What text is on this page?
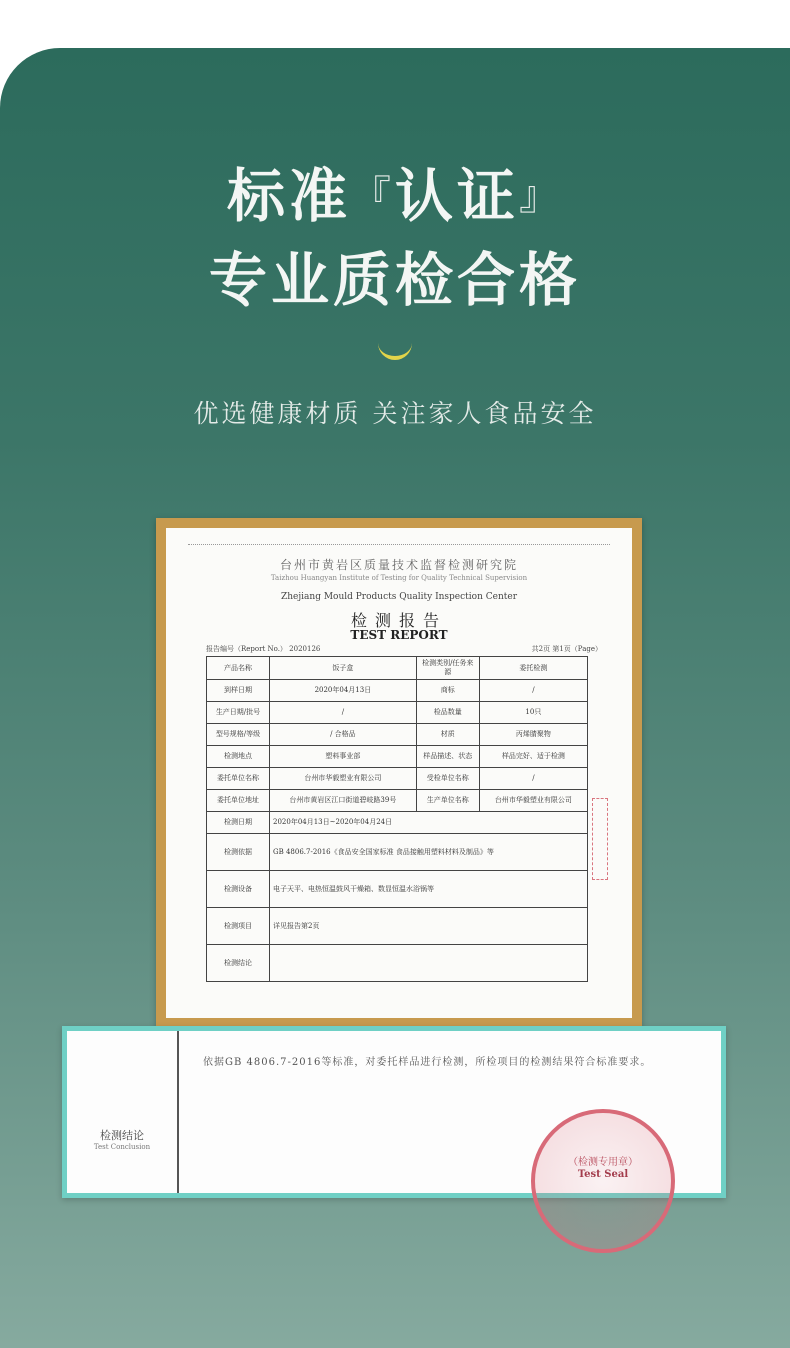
标准『认证』
专业质检合格
优选健康材质 关注家人食品安全
台州市黄岩区质量技术监督检测研究院
Taizhou Huangyan Institute of Testing for Quality Technical Supervision
Zhejiang Mould Products Quality Inspection Center
检测报告
TEST REPORT
报告编号（Report No.） 2020126	共2页 第1页（Page）
产品名称	饭子盒	检测类别/任务来源	委托检测
到样日期	2020年04月13日	商标	/
生产日期/批号	/	检品数量	10只
型号规格/等级	/ 合格品	材质	丙烯腈聚物
检测地点	塑料事业部	样品描述、状态	样品完好、适于检测
委托单位名称	台州市华毅塑业有限公司	受检单位名称	/
委托单位地址	台州市黄岩区江口街道碧岐路39号	生产单位名称	台州市华毅塑业有限公司
检测日期	2020年04月13日~2020年04月24日		
检测依据	GB 4806.7-2016《食品安全国家标准 食品接触用塑料材料及制品》等		
检测设备	电子天平、电热恒温鼓风干燥箱、数显恒温水浴锅等		
检测项目	详见报告第2页		
检测结论			
检测结论
Test Conclusion
依据GB 4806.7-2016等标准，对委托样品进行检测，所检项目的检测结果符合标准要求。
（检测专用章）
Test Seal
